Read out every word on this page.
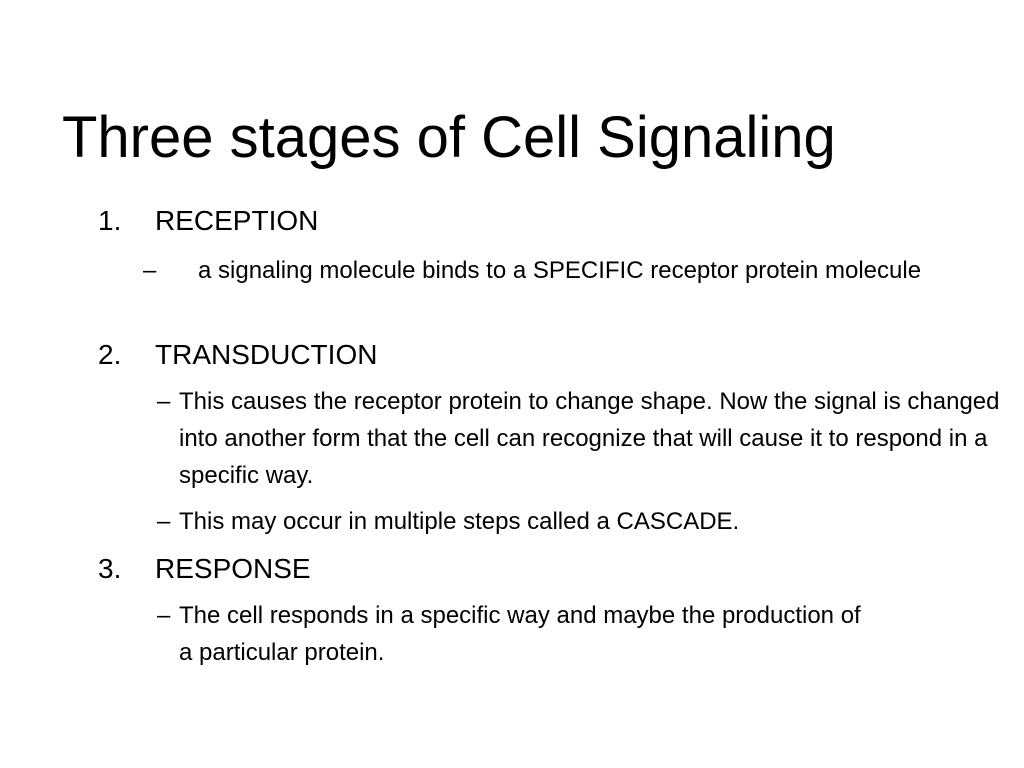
Three stages of Cell Signaling
1. RECEPTION
– a signaling molecule binds to a SPECIFIC receptor protein molecule
2. TRANSDUCTION
– This causes the receptor protein to change shape. Now the signal is changed into another form that the cell can recognize that will cause it to respond in a specific way.
– This may occur in multiple steps called a CASCADE.
3. RESPONSE
– The cell responds in a specific way and maybe the production of a particular protein.
